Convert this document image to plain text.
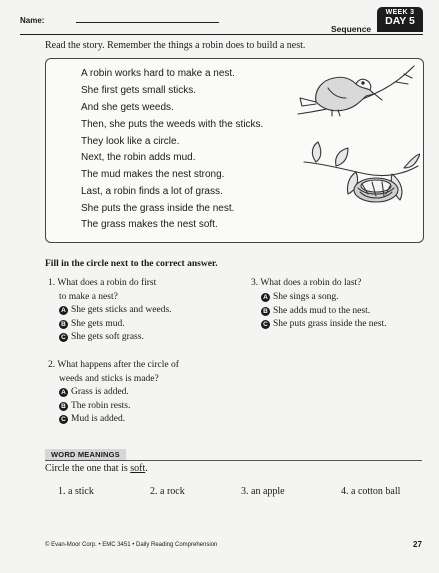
Name:
Sequence
WEEK 3
DAY 5
Read the story. Remember the things a robin does to build a nest.
A robin works hard to make a nest.
She first gets small sticks.
And she gets weeds.
Then, she puts the weeds with the sticks.
They look like a circle.
Next, the robin adds mud.
The mud makes the nest strong.
Last, a robin finds a lot of grass.
She puts the grass inside the nest.
The grass makes the nest soft.
Fill in the circle next to the correct answer.
1. What does a robin do first
to make a nest?
A She gets sticks and weeds.
B She gets mud.
C She gets soft grass.
2. What happens after the circle of
weeds and sticks is made?
A Grass is added.
B The robin rests.
C Mud is added.
3. What does a robin do last?
A She sings a song.
B She adds mud to the nest.
C She puts grass inside the nest.
WORD MEANINGS
Circle the one that is soft.
1. a stick	2. a rock	3. an apple	4. a cotton ball
© Evan-Moor Corp. • EMC 3451 • Daily Reading Comprehension	27
